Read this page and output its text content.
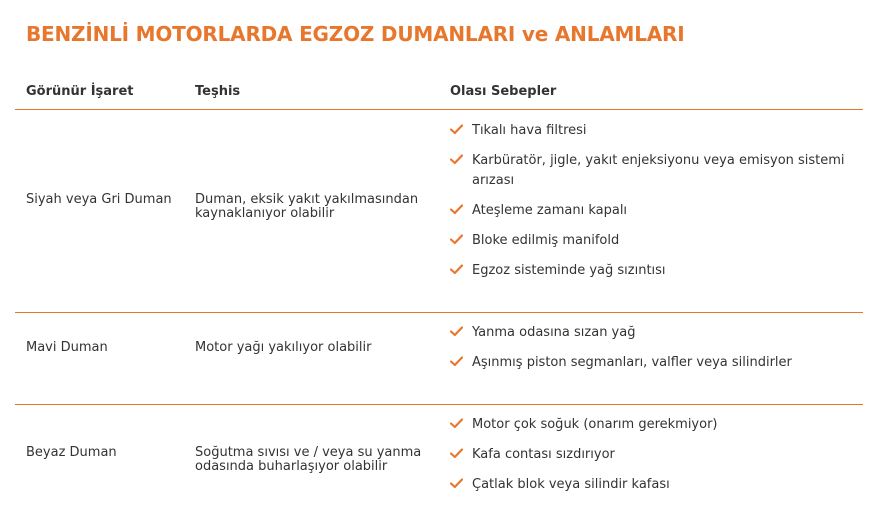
BENZİNLİ MOTORLARDA EGZOZ DUMANLARI ve ANLAMLARI
Görünür İşaret	Teşhis	Olası Sebepler
Siyah veya Gri Duman	Duman, eksik yakıt yakılmasından kaynaklanıyor olabilir
Tıkalı hava filtresi
Karbüratör, jigle, yakıt enjeksiyonu veya emisyon sistemi arızası
Ateşleme zamanı kapalı
Bloke edilmiş manifold
Egzoz sisteminde yağ sızıntısı
Mavi Duman	Motor yağı yakılıyor olabilir
Yanma odasına sızan yağ
Aşınmış piston segmanları, valfler veya silindirler
Beyaz Duman	Soğutma sıvısı ve / veya su yanma odasında buharlaşıyor olabilir
Motor çok soğuk (onarım gerekmiyor)
Kafa contası sızdırıyor
Çatlak blok veya silindir kafası
